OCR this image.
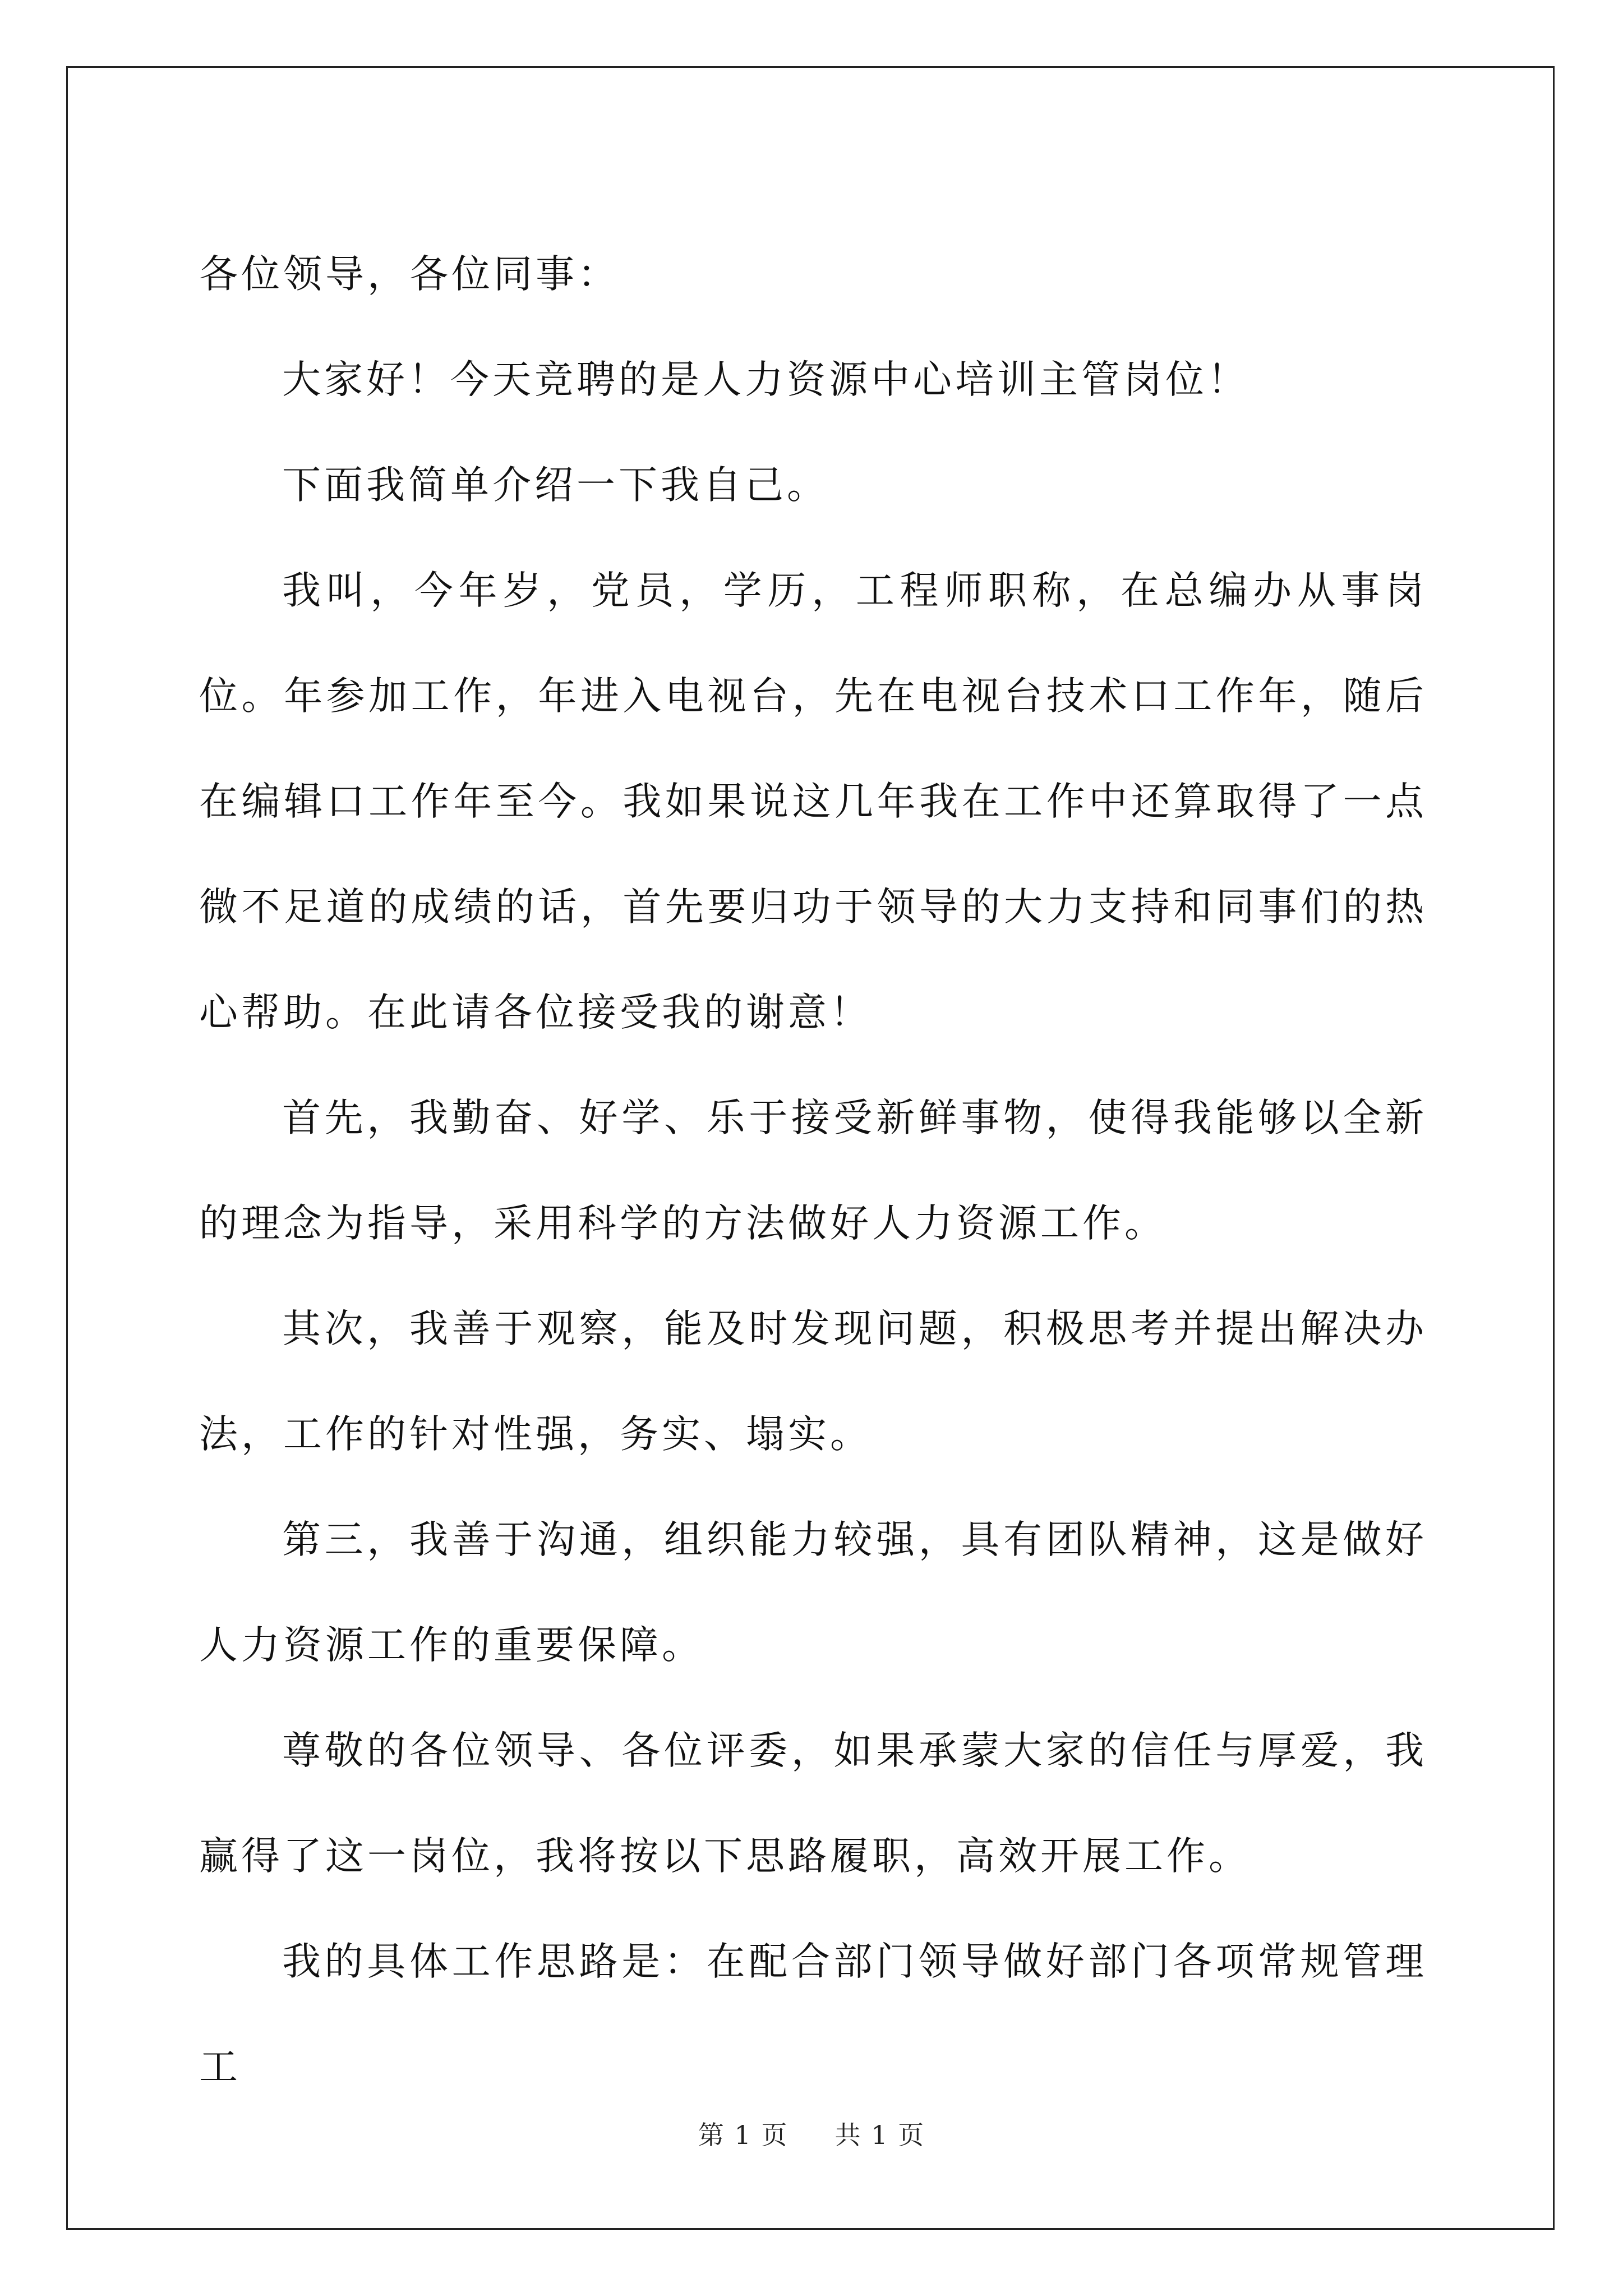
各位领导，各位同事：

大家好！今天竞聘的是人力资源中心培训主管岗位！

下面我简单介绍一下我自己。

我叫，今年岁，党员，学历，工程师职称，在总编办从事岗位。年参加工作，年进入电视台，先在电视台技术口工作年，随后在编辑口工作年至今。我如果说这几年我在工作中还算取得了一点微不足道的成绩的话，首先要归功于领导的大力支持和同事们的热心帮助。在此请各位接受我的谢意！

首先，我勤奋、好学、乐于接受新鲜事物，使得我能够以全新的理念为指导，采用科学的方法做好人力资源工作。

其次，我善于观察，能及时发现问题，积极思考并提出解决办法，工作的针对性强，务实、塌实。

第三，我善于沟通，组织能力较强，具有团队精神，这是做好人力资源工作的重要保障。

尊敬的各位领导、各位评委，如果承蒙大家的信任与厚爱，我赢得了这一岗位，我将按以下思路履职，高效开展工作。

我的具体工作思路是：在配合部门领导做好部门各项常规管理工

第 1 页 共 1 页
